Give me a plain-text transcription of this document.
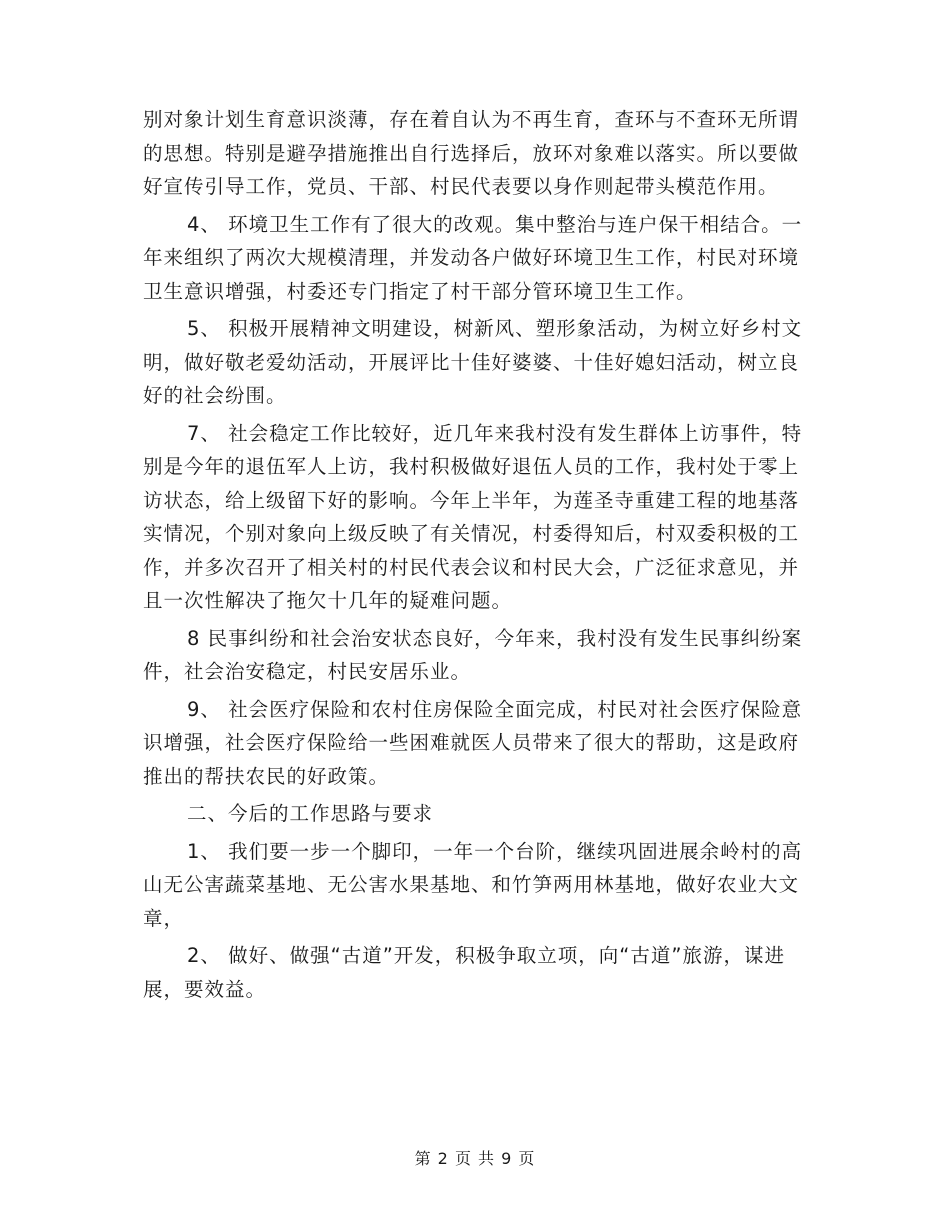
别对象计划生育意识淡薄，存在着自认为不再生育，查环与不查环无所谓的思想。特别是避孕措施推出自行选择后，放环对象难以落实。所以要做好宣传引导工作，党员、干部、村民代表要以身作则起带头模范作用。

4、 环境卫生工作有了很大的改观。集中整治与连户保干相结合。一年来组织了两次大规模清理，并发动各户做好环境卫生工作，村民对环境卫生意识增强，村委还专门指定了村干部分管环境卫生工作。

5、 积极开展精神文明建设，树新风、塑形象活动，为树立好乡村文明，做好敬老爱幼活动，开展评比十佳好婆婆、十佳好媳妇活动，树立良好的社会纷围。

7、 社会稳定工作比较好，近几年来我村没有发生群体上访事件，特别是今年的退伍军人上访，我村积极做好退伍人员的工作，我村处于零上访状态，给上级留下好的影响。今年上半年，为莲圣寺重建工程的地基落实情况，个别对象向上级反映了有关情况，村委得知后，村双委积极的工作，并多次召开了相关村的村民代表会议和村民大会，广泛征求意见，并且一次性解决了拖欠十几年的疑难问题。

8 民事纠纷和社会治安状态良好，今年来，我村没有发生民事纠纷案件，社会治安稳定，村民安居乐业。

9、 社会医疗保险和农村住房保险全面完成，村民对社会医疗保险意识增强，社会医疗保险给一些困难就医人员带来了很大的帮助，这是政府推出的帮扶农民的好政策。

二、今后的工作思路与要求

1、 我们要一步一个脚印，一年一个台阶，继续巩固进展余岭村的高山无公害蔬菜基地、无公害水果基地、和竹笋两用林基地，做好农业大文章，

2、 做好、做强“古道”开发，积极争取立项，向“古道”旅游，谋进展，要效益。

第 2 页 共 9 页
